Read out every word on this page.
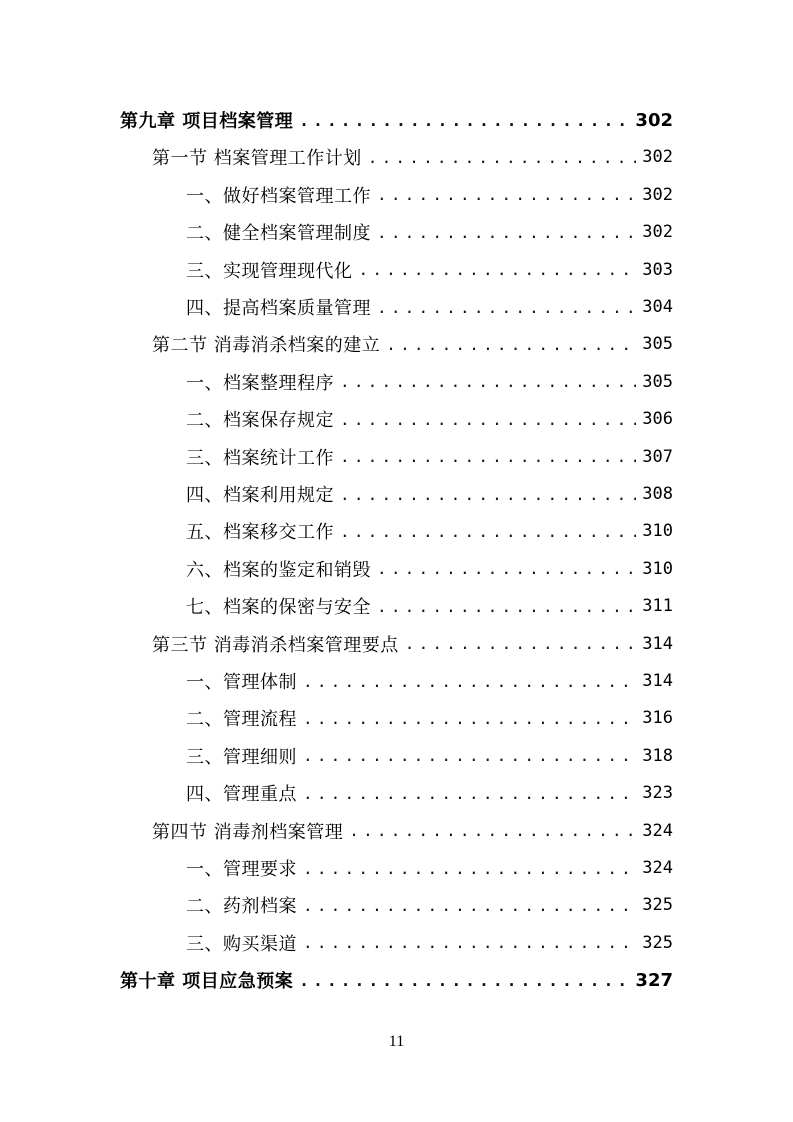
第九章 项目档案管理 .....	302
第一节 档案管理工作计划 .....	302
一、做好档案管理工作 .....	302
二、健全档案管理制度 .....	302
三、实现管理现代化 .....	303
四、提高档案质量管理 .....	304
第二节 消毒消杀档案的建立 .....	305
一、档案整理程序 .....	305
二、档案保存规定 .....	306
三、档案统计工作 .....	307
四、档案利用规定 .....	308
五、档案移交工作 .....	310
六、档案的鉴定和销毁 .....	310
七、档案的保密与安全 .....	311
第三节 消毒消杀档案管理要点 .....	314
一、管理体制 .....	314
二、管理流程 .....	316
三、管理细则 .....	318
四、管理重点 .....	323
第四节 消毒剂档案管理 .....	324
一、管理要求 .....	324
二、药剂档案 .....	325
三、购买渠道 .....	325
第十章 项目应急预案 .....	327
11
